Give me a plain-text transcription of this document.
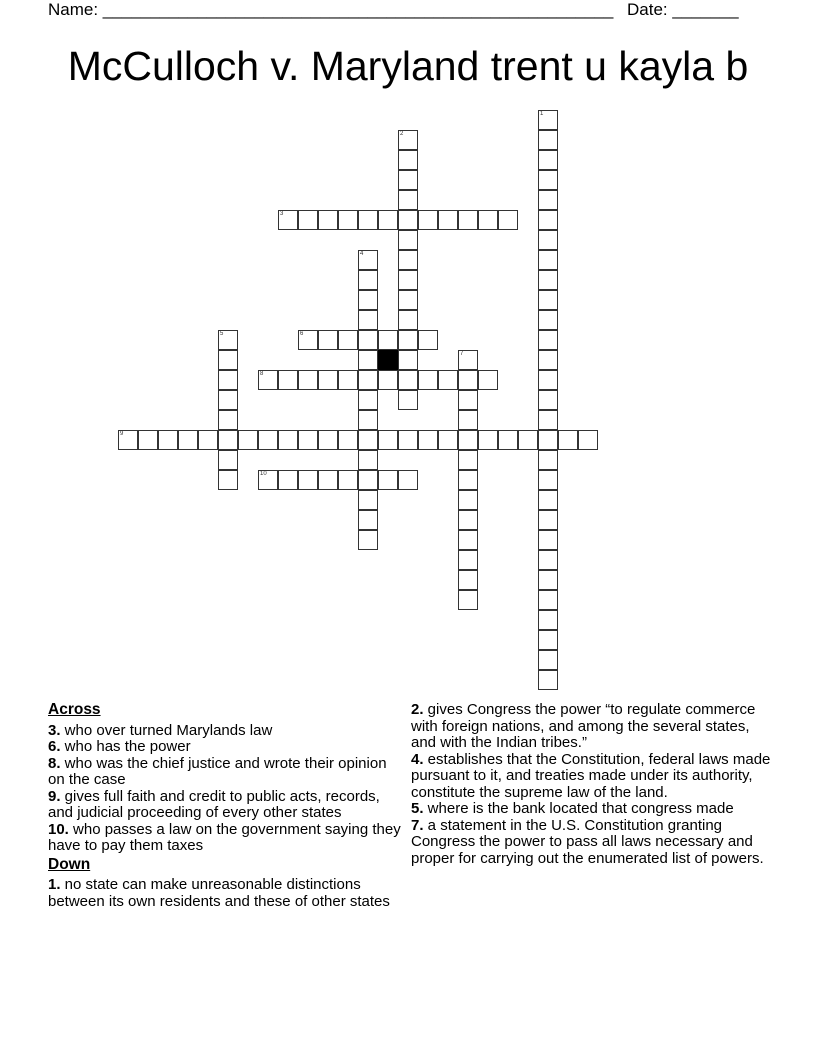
Name: ______________________________________________________ Date: _______
McCulloch v. Maryland trent u kayla b
1
2
3
4
5	6
7
8
9
10
Across
3. who over turned Marylands law
6. who has the power
8. who was the chief justice and wrote their opinion on the case
9. gives full faith and credit to public acts, records, and judicial proceeding of every other states
10. who passes a law on the government saying they have to pay them taxes
Down
1. no state can make unreasonable distinctions between its own residents and these of other states
2. gives Congress the power “to regulate commerce with foreign nations, and among the several states, and with the Indian tribes.”
4. establishes that the Constitution, federal laws made pursuant to it, and treaties made under its authority, constitute the supreme law of the land.
5. where is the bank located that congress made
7. a statement in the U.S. Constitution granting Congress the power to pass all laws necessary and proper for carrying out the enumerated list of powers.
